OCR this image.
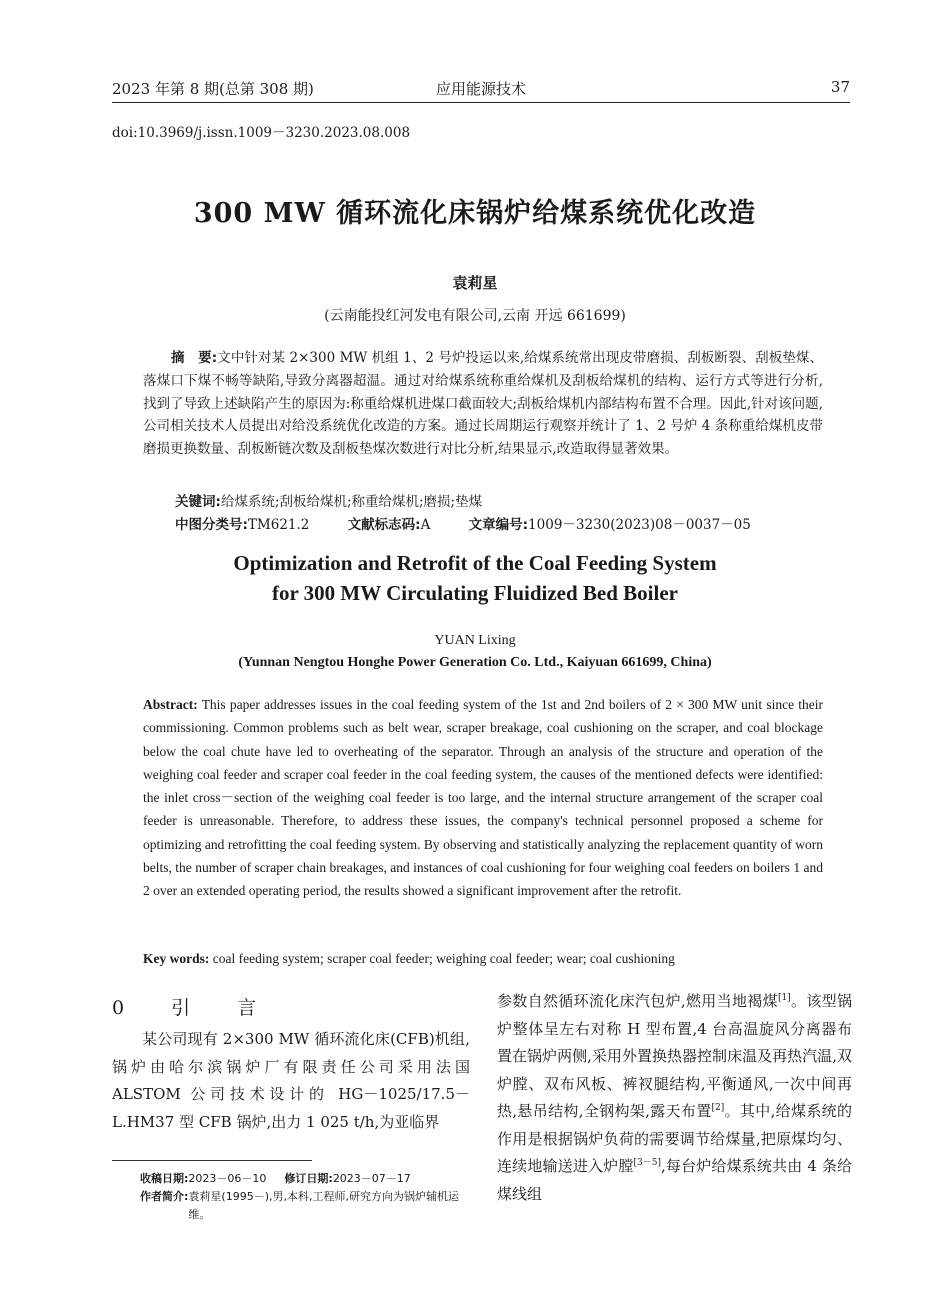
2023 年第 8 期(总第 308 期)	应用能源技术	37
doi:10.3969/j.issn.1009－3230.2023.08.008
300 MW 循环流化床锅炉给煤系统优化改造
袁莉星
(云南能投红河发电有限公司,云南 开远 661699)
摘　要:文中针对某 2×300 MW 机组 1、2 号炉投运以来,给煤系统常出现皮带磨损、刮板断裂、刮板垫煤、落煤口下煤不畅等缺陷,导致分离器超温。通过对给煤系统称重给煤机及刮板给煤机的结构、运行方式等进行分析,找到了导致上述缺陷产生的原因为:称重给煤机进煤口截面较大;刮板给煤机内部结构布置不合理。因此,针对该问题,公司相关技术人员提出对给没系统优化改造的方案。通过长周期运行观察并统计了 1、2 号炉 4 条称重给煤机皮带磨损更换数量、刮板断链次数及刮板垫煤次数进行对比分析,结果显示,改造取得显著效果。
关键词:给煤系统;刮板给煤机;称重给煤机;磨损;垫煤
中图分类号:TM621.2	文献标志码:A	文章编号:1009－3230(2023)08－0037－05
Optimization and Retrofit of the Coal Feeding System
for 300 MW Circulating Fluidized Bed Boiler
YUAN Lixing
(Yunnan Nengtou Honghe Power Generation Co. Ltd., Kaiyuan 661699, China)
Abstract: This paper addresses issues in the coal feeding system of the 1st and 2nd boilers of 2 × 300 MW unit since their commissioning. Common problems such as belt wear, scraper breakage, coal cushioning on the scraper, and coal blockage below the coal chute have led to overheating of the separator. Through an analysis of the structure and operation of the weighing coal feeder and scraper coal feeder in the coal feeding system, the causes of the mentioned defects were identified: the inlet cross－section of the weighing coal feeder is too large, and the internal structure arrangement of the scraper coal feeder is unreasonable. Therefore, to address these issues, the company's technical personnel proposed a scheme for optimizing and retrofitting the coal feeding system. By observing and statistically analyzing the replacement quantity of worn belts, the number of scraper chain breakages, and instances of coal cushioning for four weighing coal feeders on boilers 1 and 2 over an extended operating period, the results showed a significant improvement after the retrofit.
Key words: coal feeding system; scraper coal feeder; weighing coal feeder; wear; coal cushioning
0　引　言
某公司现有 2×300 MW 循环流化床(CFB)机组,锅炉由哈尔滨锅炉厂有限责任公司采用法国 ALSTOM 公司技术设计的 HG－1025/17.5－L.HM37 型 CFB 锅炉,出力 1 025 t/h,为亚临界
收稿日期: 2023－06－10 修订日期: 2023－07－17
作者简介: 袁莉星(1995－),男,本科,工程师,研究方向为锅炉辅机运维。
参数自然循环流化床汽包炉,燃用当地褐煤[1]。该型锅炉整体呈左右对称 H 型布置,4 台高温旋风分离器布置在锅炉两侧,采用外置换热器控制床温及再热汽温,双炉膛、双布风板、裤衩腿结构,平衡通风,一次中间再热,悬吊结构,全钢构架,露天布置[2]。其中,给煤系统的作用是根据锅炉负荷的需要调节给煤量,把原煤均匀、连续地输送进入炉膛[3－5],每台炉给煤系统共由 4 条给煤线组
